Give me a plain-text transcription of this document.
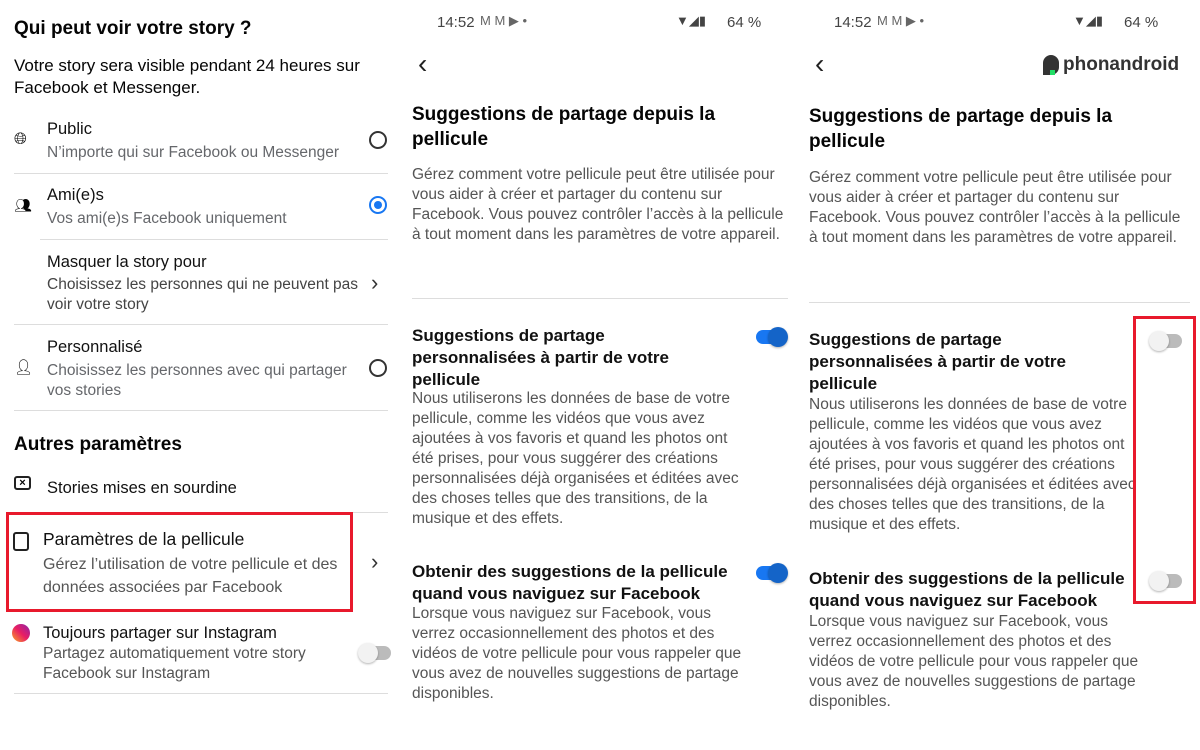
Qui peut voir votre story ?
Votre story sera visible pendant 24 heures sur Facebook et Messenger.
🌐︎
Public
N’importe qui sur Facebook ou Messenger
👥︎
Ami(e)s
Vos ami(e)s Facebook uniquement
Masquer la story pour
Choisissez les personnes qui ne peuvent pas voir votre story
›
👤︎
Personnalisé
Choisissez les personnes avec qui partager vos stories
Autres paramètres
×	Stories mises en sourdine
Paramètres de la pellicule
Gérez l’utilisation de votre pellicule et des données associées par Facebook
›
Toujours partager sur Instagram
Partagez automatiquement votre story Facebook sur Instagram
14:52 M M ▶ •	▼◢▮ 64 %
‹
Suggestions de partage depuis la pellicule
Gérez comment votre pellicule peut être utilisée pour vous aider à créer et partager du contenu sur Facebook. Vous pouvez contrôler l’accès à la pellicule à tout moment dans les paramètres de votre appareil.
Suggestions de partage personnalisées à partir de votre pellicule
Nous utiliserons les données de base de votre pellicule, comme les vidéos que vous avez ajoutées à vos favoris et quand les photos ont été prises, pour vous suggérer des créations personnalisées déjà organisées et éditées avec des choses telles que des transitions, de la musique et des effets.
Obtenir des suggestions de la pellicule quand vous naviguez sur Facebook
Lorsque vous naviguez sur Facebook, vous verrez occasionnellement des photos et des vidéos de votre pellicule pour vous rappeler que vous avez de nouvelles suggestions de partage disponibles.
14:52 M M ▶ •	▼◢▮ 64 %
‹	phonandroid
Suggestions de partage depuis la pellicule
Gérez comment votre pellicule peut être utilisée pour vous aider à créer et partager du contenu sur Facebook. Vous pouvez contrôler l’accès à la pellicule à tout moment dans les paramètres de votre appareil.
Suggestions de partage personnalisées à partir de votre pellicule
Nous utiliserons les données de base de votre pellicule, comme les vidéos que vous avez ajoutées à vos favoris et quand les photos ont été prises, pour vous suggérer des créations personnalisées déjà organisées et éditées avec des choses telles que des transitions, de la musique et des effets.
Obtenir des suggestions de la pellicule quand vous naviguez sur Facebook
Lorsque vous naviguez sur Facebook, vous verrez occasionnellement des photos et des vidéos de votre pellicule pour vous rappeler que vous avez de nouvelles suggestions de partage disponibles.
